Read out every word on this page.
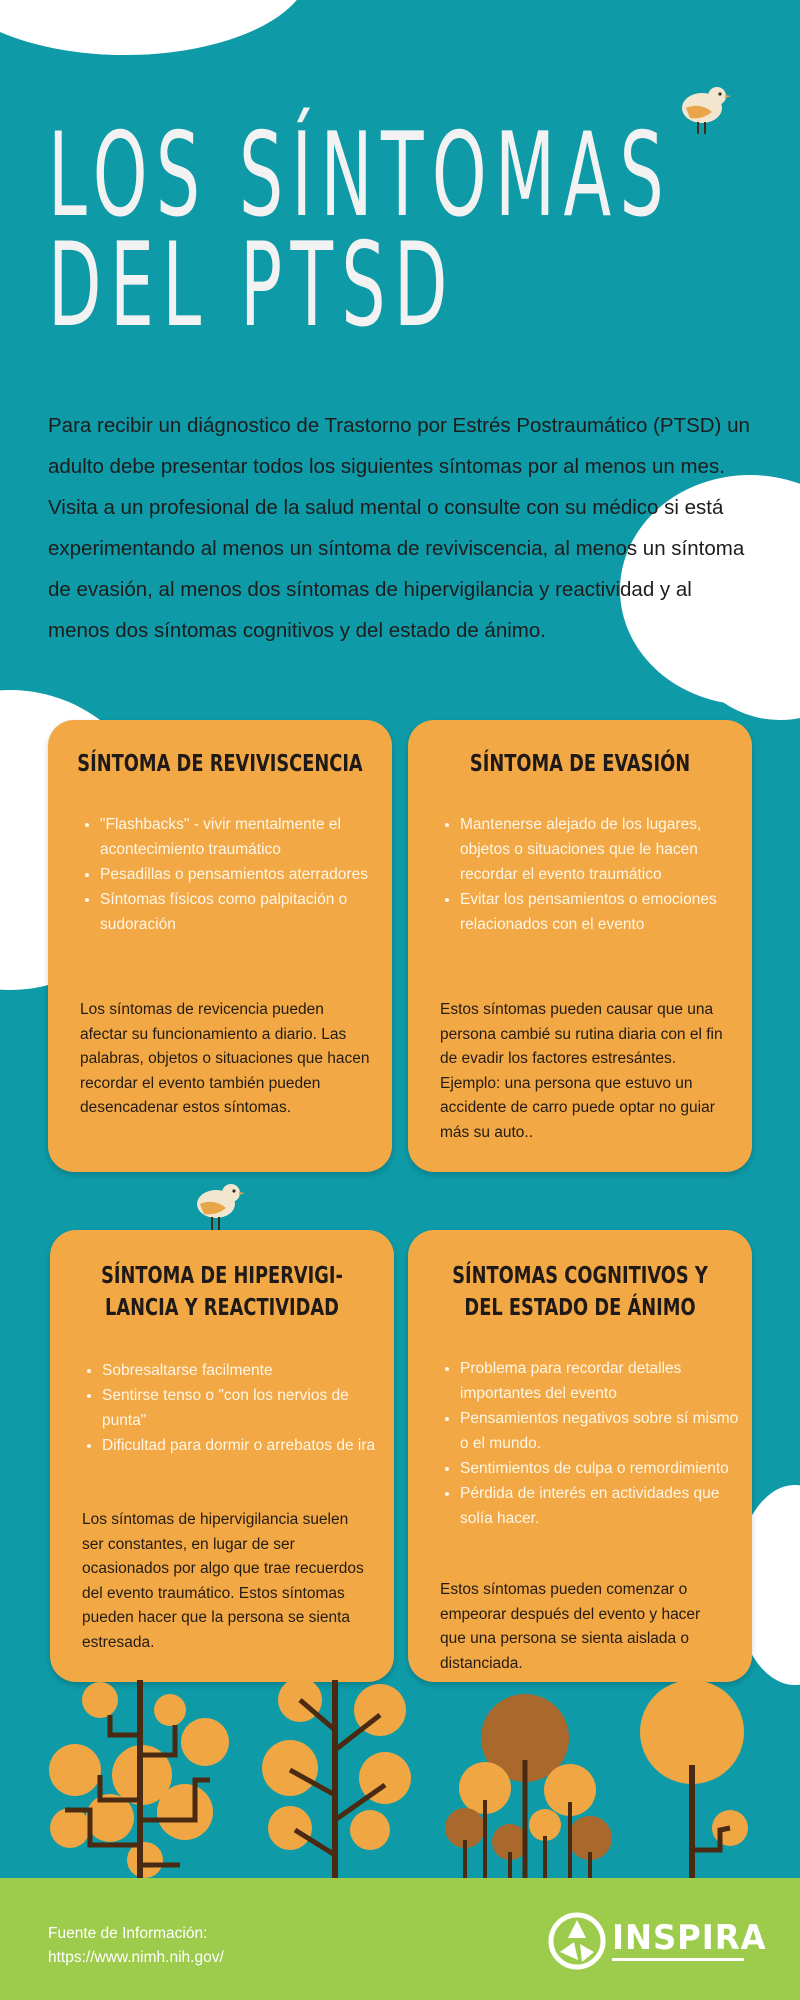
LOS SÍNTOMAS
DEL PTSD
Para recibir un diágnostico de Trastorno por Estrés Postraumático (PTSD) un adulto debe presentar todos los siguientes síntomas por al menos un mes. Visita a un profesional de la salud mental o consulte con su médico si está experimentando al menos un síntoma de reviviscencia, al menos un síntoma de evasión, al menos dos síntomas de hipervigilancia y reactividad y al menos dos síntomas cognitivos y del estado de ánimo.
SÍNTOMA DE REVIVISCENCIA
• "Flashbacks" - vivir mentalmente el acontecimiento traumático
• Pesadillas o pensamientos aterradores
• Síntomas físicos como palpitación o sudoración

Los síntomas de revicencia pueden afectar su funcionamiento a diario. Las palabras, objetos o situaciones que hacen recordar el evento también pueden desencadenar estos síntomas.

SÍNTOMA DE EVASIÓN
• Mantenerse alejado de los lugares, objetos o situaciones que le hacen recordar el evento traumático
• Evitar los pensamientos o emociones relacionados con el evento

Estos síntomas pueden causar que una persona cambié su rutina diaria con el fin de evadir los factores estresántes. Ejemplo: una persona que estuvo un accidente de carro puede optar no guiar más su auto..

SÍNTOMA DE HIPERVIGI-
LANCIA Y REACTIVIDAD
• Sobresaltarse facilmente
• Sentirse tenso o "con los nervios de punta"
• Dificultad para dormir o arrebatos de ira

Los síntomas de hipervigilancia suelen ser constantes, en lugar de ser ocasionados por algo que trae recuerdos del evento traumático. Estos síntomas pueden hacer que la persona se sienta estresada.

SÍNTOMAS COGNITIVOS Y
DEL ESTADO DE ÁNIMO
• Problema para recordar detalles importantes del evento
• Pensamientos negativos sobre sí mismo o el mundo.
• Sentimientos de culpa o remordimiento
• Pérdida de interés en actividades que solía hacer.

Estos síntomas pueden comenzar o empeorar después del evento y hacer que una persona se sienta aislada o distanciada.

Fuente de Información:
https://www.nimh.nih.gov/	INSPIRA
